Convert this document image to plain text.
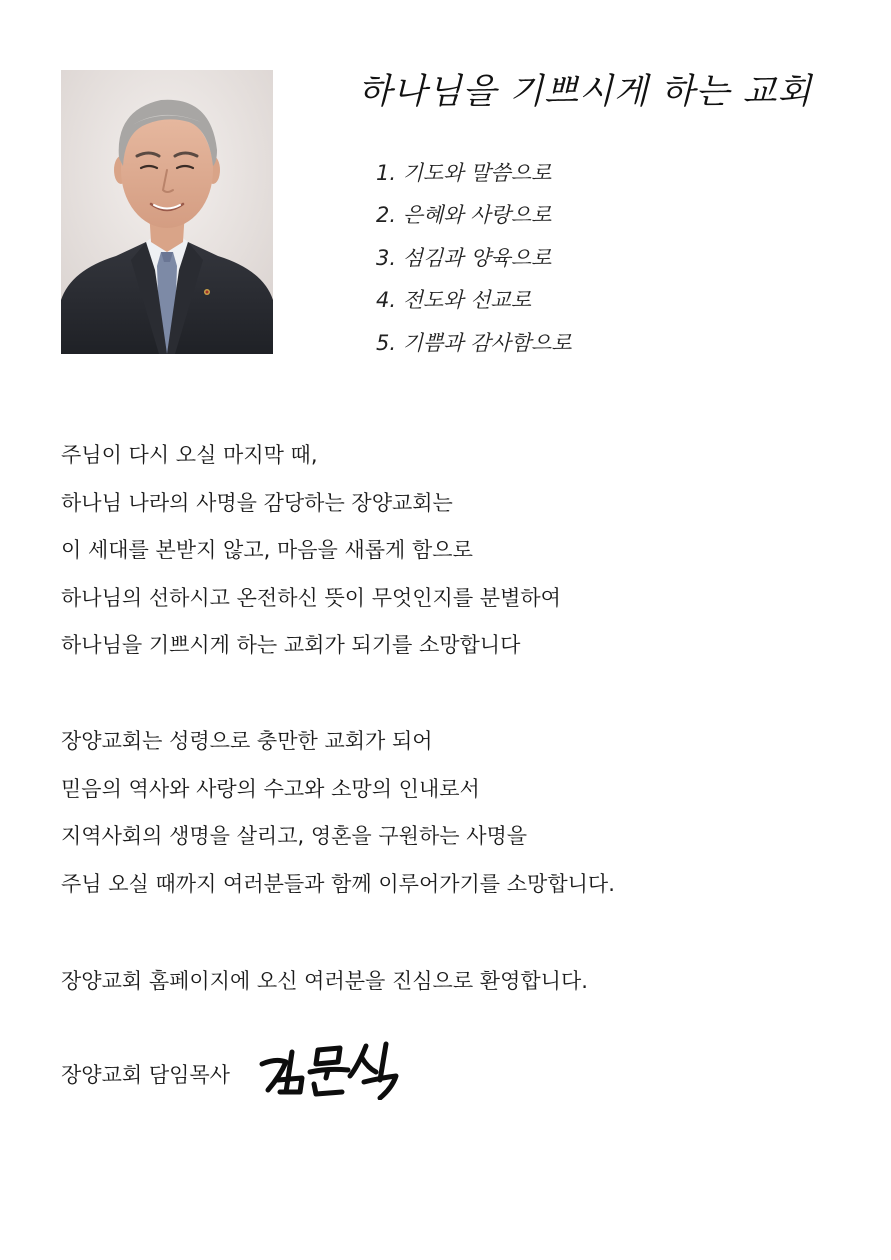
하나님을 기쁘시게 하는 교회
1. 기도와 말씀으로
2. 은혜와 사랑으로
3. 섬김과 양육으로
4. 전도와 선교로
5. 기쁨과 감사함으로
주님이 다시 오실 마지막 때,
하나님 나라의 사명을 감당하는 장양교회는
이 세대를 본받지 않고, 마음을 새롭게 함으로
하나님의 선하시고 온전하신 뜻이 무엇인지를 분별하여
하나님을 기쁘시게 하는 교회가 되기를 소망합니다
장양교회는 성령으로 충만한 교회가 되어
믿음의 역사와 사랑의 수고와 소망의 인내로서
지역사회의 생명을 살리고, 영혼을 구원하는 사명을
주님 오실 때까지 여러분들과 함께 이루어가기를 소망합니다.
장양교회 홈페이지에 오신 여러분을 진심으로 환영합니다.
장양교회 담임목사
